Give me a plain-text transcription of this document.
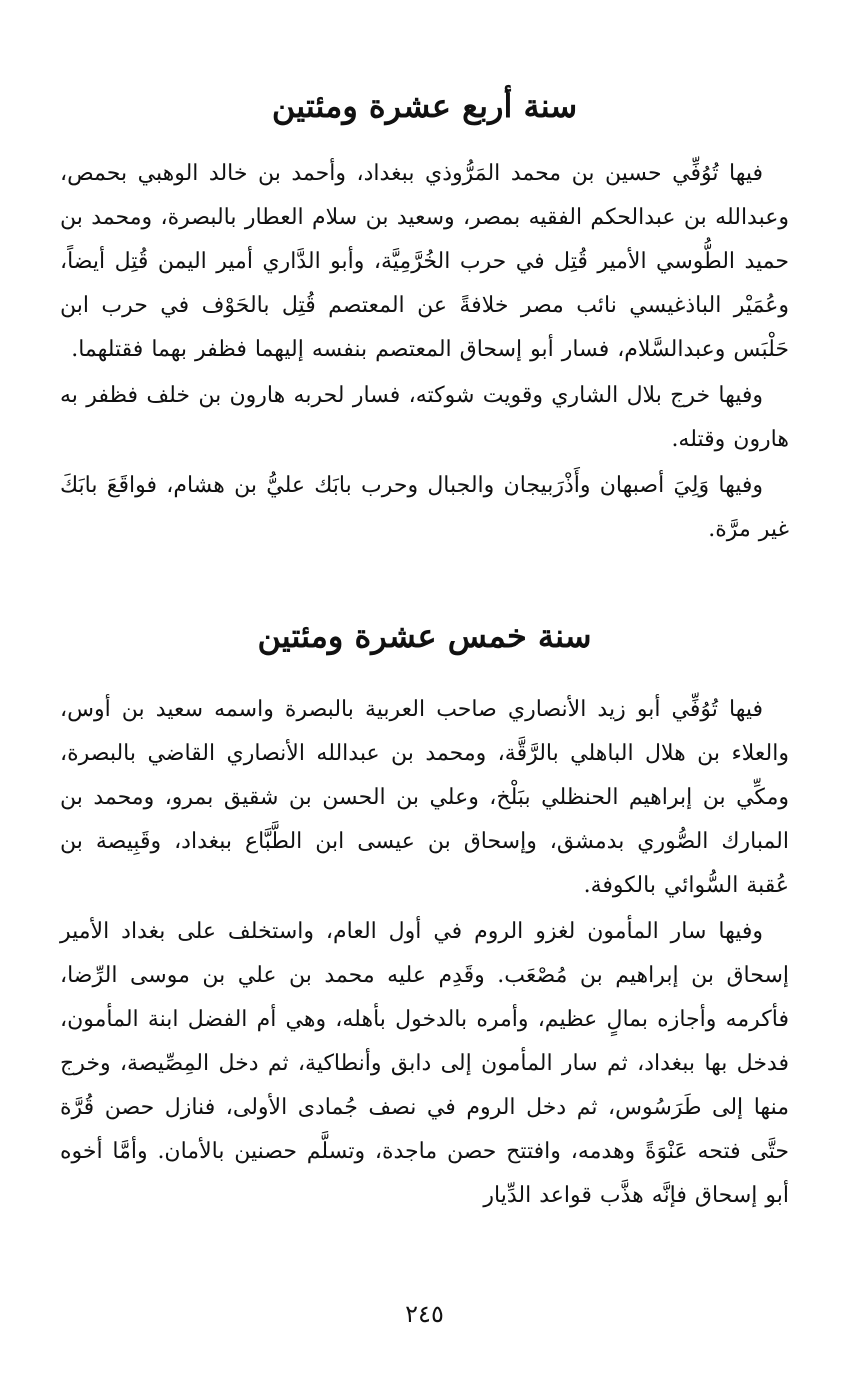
سنة أربع عشرة ومئتين

فيها تُوُفِّي حسين بن محمد المَرُّوذي ببغداد، وأحمد بن خالد الوهبي بحمص، وعبدالله بن عبدالحكم الفقيه بمصر، وسعيد بن سلام العطار بالبصرة، ومحمد بن حميد الطُّوسي الأمير قُتِل في حرب الخُرَّمِيَّة، وأبو الدَّاري أمير اليمن قُتِل أيضاً، وعُمَيْر الباذغيسي نائب مصر خلافةً عن المعتصم قُتِل بالحَوْف في حرب ابن حَلْبَس وعبدالسَّلام، فسار أبو إسحاق المعتصم بنفسه إليهما فظفر بهما فقتلهما.

وفيها خرج بلال الشاري وقويت شوكته، فسار لحربه هارون بن خلف فظفر به هارون وقتله.

وفيها وَلِيَ أصبهان وأَذْرَبيجان والجبال وحرب بابَك عليُّ بن هشام، فواقَعَ بابَكَ غير مرَّة.

سنة خمس عشرة ومئتين

فيها تُوُفِّي أبو زيد الأنصاري صاحب العربية بالبصرة واسمه سعيد بن أوس، والعلاء بن هلال الباهلي بالرَّقَّة، ومحمد بن عبدالله الأنصاري القاضي بالبصرة، ومكِّي بن إبراهيم الحنظلي ببَلْخ، وعلي بن الحسن بن شقيق بمرو، ومحمد بن المبارك الصُّوري بدمشق، وإسحاق بن عيسى ابن الطَّبَّاع ببغداد، وقَبِيصة بن عُقبة السُّوائي بالكوفة.

وفيها سار المأمون لغزو الروم في أول العام، واستخلف على بغداد الأمير إسحاق بن إبراهيم بن مُصْعَب. وقَدِم عليه محمد بن علي بن موسى الرِّضا، فأكرمه وأجازه بمالٍ عظيم، وأمره بالدخول بأهله، وهي أم الفضل ابنة المأمون، فدخل بها ببغداد، ثم سار المأمون إلى دابق وأنطاكية، ثم دخل المِصِّيصة، وخرج منها إلى طَرَسُوس، ثم دخل الروم في نصف جُمادى الأولى، فنازل حصن قُرَّة حتَّى فتحه عَنْوَةً وهدمه، وافتتح حصن ماجدة، وتسلَّم حصنين بالأمان. وأمَّا أخوه أبو إسحاق فإنَّه هذَّب قواعد الدِّيار

٢٤٥
